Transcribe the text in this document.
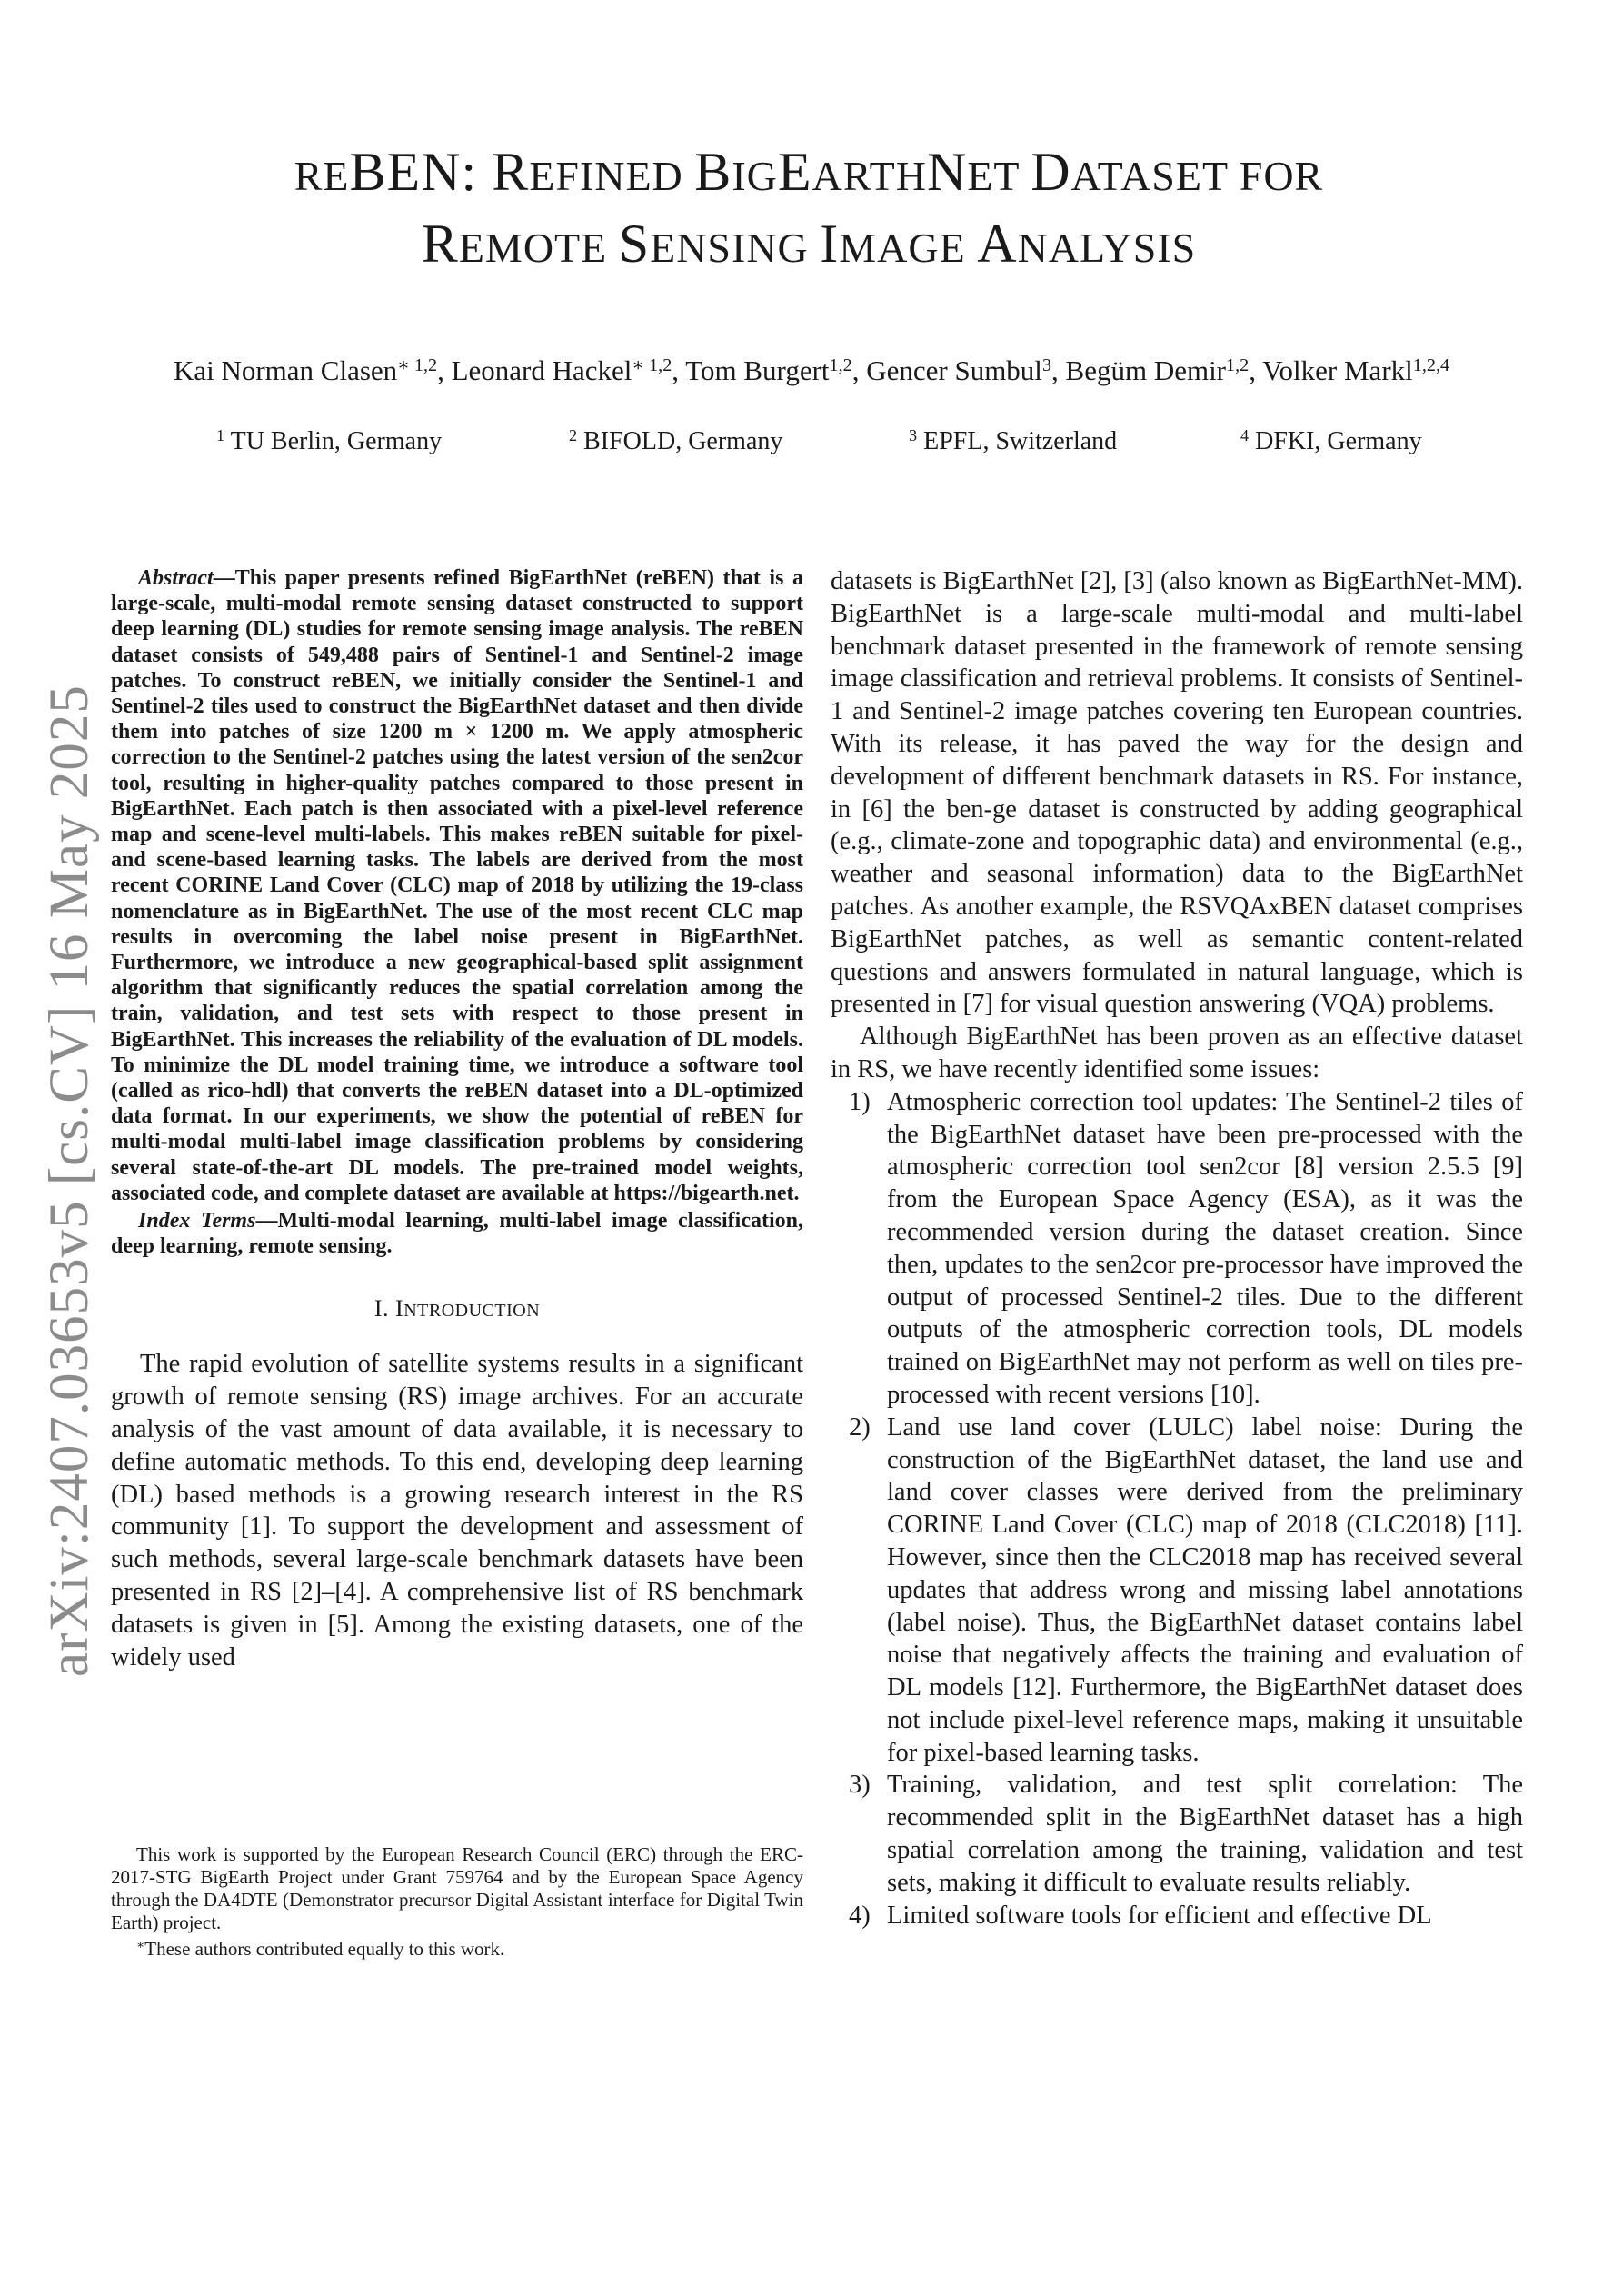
arXiv:2407.03653v5 [cs.CV] 16 May 2025
REBEN: REFINED BIGEARTHNET DATASET FOR
REMOTE SENSING IMAGE ANALYSIS
Kai Norman Clasen$^{∗ 1,2}$, Leonard Hackel$^{∗ 1,2}$, Tom Burgert$^{1,2}$, Gencer Sumbul$^3$, Begüm Demir$^{1,2}$, Volker Markl$^{1,2,4}$
$^1$ TU Berlin, Germany	$^2$ BIFOLD, Germany	$^3$ EPFL, Switzerland	$^4$ DFKI, Germany

Abstract—This paper presents refined BigEarthNet (reBEN) that is a large-scale, multi-modal remote sensing dataset constructed to support deep learning (DL) studies for remote sensing image analysis. The reBEN dataset consists of 549,488 pairs of Sentinel-1 and Sentinel-2 image patches. To construct reBEN, we initially consider the Sentinel-1 and Sentinel-2 tiles used to construct the BigEarthNet dataset and then divide them into patches of size 1200 m × 1200 m. We apply atmospheric correction to the Sentinel-2 patches using the latest version of the sen2cor tool, resulting in higher-quality patches compared to those present in BigEarthNet. Each patch is then associated with a pixel-level reference map and scene-level multi-labels. This makes reBEN suitable for pixel- and scene-based learning tasks. The labels are derived from the most recent CORINE Land Cover (CLC) map of 2018 by utilizing the 19-class nomenclature as in BigEarthNet. The use of the most recent CLC map results in overcoming the label noise present in BigEarthNet. Furthermore, we introduce a new geographical-based split assignment algorithm that significantly reduces the spatial correlation among the train, validation, and test sets with respect to those present in BigEarthNet. This increases the reliability of the evaluation of DL models. To minimize the DL model training time, we introduce a software tool (called as rico-hdl) that converts the reBEN dataset into a DL-optimized data format. In our experiments, we show the potential of reBEN for multi-modal multi-label image classification problems by considering several state-of-the-art DL models. The pre-trained model weights, associated code, and complete dataset are available at https://bigearth.net.

Index Terms—Multi-modal learning, multi-label image classification, deep learning, remote sensing.

I. INTRODUCTION

The rapid evolution of satellite systems results in a significant growth of remote sensing (RS) image archives. For an accurate analysis of the vast amount of data available, it is necessary to define automatic methods. To this end, developing deep learning (DL) based methods is a growing research interest in the RS community [1]. To support the development and assessment of such methods, several large-scale benchmark datasets have been presented in RS [2]–[4]. A comprehensive list of RS benchmark datasets is given in [5]. Among the existing datasets, one of the widely used

This work is supported by the European Research Council (ERC) through the ERC-2017-STG BigEarth Project under Grant 759764 and by the European Space Agency through the DA4DTE (Demonstrator precursor Digital Assistant interface for Digital Twin Earth) project.

∗These authors contributed equally to this work.

datasets is BigEarthNet [2], [3] (also known as BigEarthNet-MM). BigEarthNet is a large-scale multi-modal and multi-label benchmark dataset presented in the framework of remote sensing image classification and retrieval problems. It consists of Sentinel-1 and Sentinel-2 image patches covering ten European countries. With its release, it has paved the way for the design and development of different benchmark datasets in RS. For instance, in [6] the ben-ge dataset is constructed by adding geographical (e.g., climate-zone and topographic data) and environmental (e.g., weather and seasonal information) data to the BigEarthNet patches. As another example, the RSVQAxBEN dataset comprises BigEarthNet patches, as well as semantic content-related questions and answers formulated in natural language, which is presented in [7] for visual question answering (VQA) problems.

Although BigEarthNet has been proven as an effective dataset in RS, we have recently identified some issues:

1) Atmospheric correction tool updates: The Sentinel-2 tiles of the BigEarthNet dataset have been pre-processed with the atmospheric correction tool sen2cor [8] version 2.5.5 [9] from the European Space Agency (ESA), as it was the recommended version during the dataset creation. Since then, updates to the sen2cor pre-processor have improved the output of processed Sentinel-2 tiles. Due to the different outputs of the atmospheric correction tools, DL models trained on BigEarthNet may not perform as well on tiles pre-processed with recent versions [10].
2) Land use land cover (LULC) label noise: During the construction of the BigEarthNet dataset, the land use and land cover classes were derived from the preliminary CORINE Land Cover (CLC) map of 2018 (CLC2018) [11]. However, since then the CLC2018 map has received several updates that address wrong and missing label annotations (label noise). Thus, the BigEarthNet dataset contains label noise that negatively affects the training and evaluation of DL models [12]. Furthermore, the BigEarthNet dataset does not include pixel-level reference maps, making it unsuitable for pixel-based learning tasks.
3) Training, validation, and test split correlation: The recommended split in the BigEarthNet dataset has a high spatial correlation among the training, validation and test sets, making it difficult to evaluate results reliably.
4) Limited software tools for efficient and effective DL
